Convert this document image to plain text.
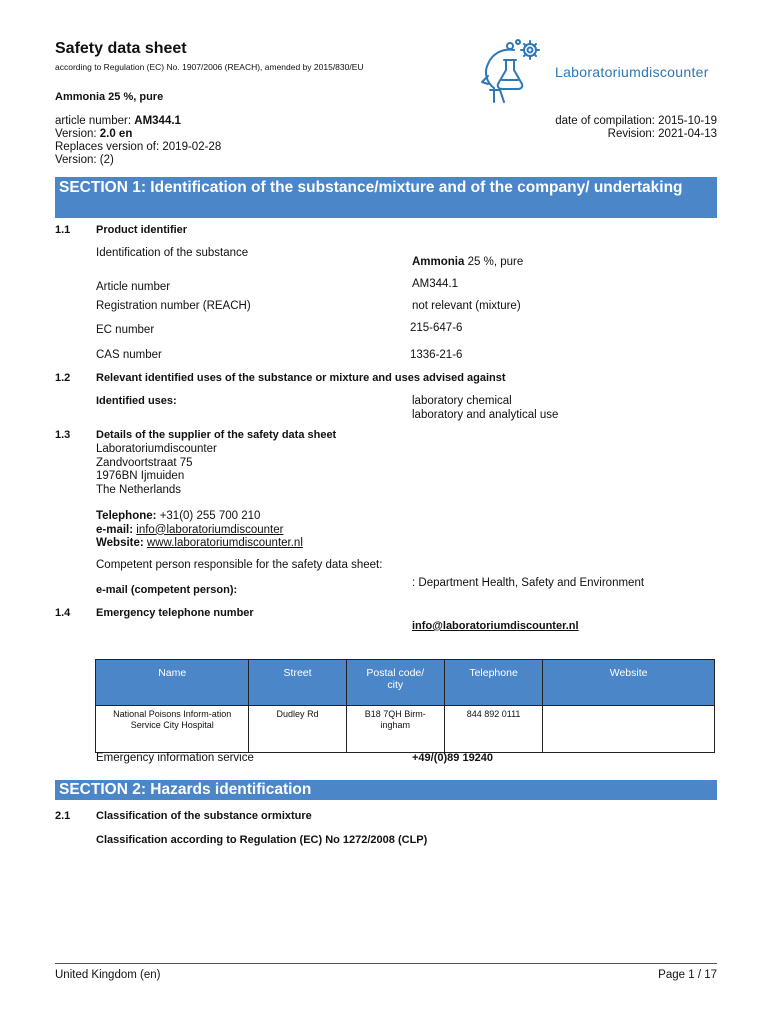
Safety data sheet
according to Regulation (EC) No. 1907/2006 (REACH), amended by 2015/830/EU	Laboratoriumdiscounter
Ammonia 25 %, pure
article number: AM344.1
Version: 2.0 en
Replaces version of: 2019-02-28
Version: (2)
date of compilation: 2015-10-19
Revision: 2021-04-13
SECTION 1: Identification of the substance/mixture and of the company/ undertaking
1.1 Product identifier
Identification of the substance
Ammonia 25 %, pure
Article number	AM344.1
Registration number (REACH)	not relevant (mixture)
EC number	215-647-6
CAS number	1336-21-6
1.2 Relevant identified uses of the substance or mixture and uses advised against
Identified uses:	laboratory chemical
laboratory and analytical use
1.3 Details of the supplier of the safety data sheet
Laboratoriumdiscounter
Zandvoortstraat 75
1976BN Ijmuiden
The Netherlands
Telephone: +31(0) 255 700 210
e-mail: info@laboratoriumdiscounter
Website: www.laboratoriumdiscounter.nl
Competent person responsible for the safety data sheet:
e-mail (competent person):
: Department Health, Safety and Environment
1.4 Emergency telephone number
info@laboratoriumdiscounter.nl
Name	Street	Postal code/ city	Telephone	Website

National Poisons Inform-ation Service City Hospital	Dudley Rd	B18 7QH Birm-ingham	844 892 0111	
Emergency information service	+49/(0)89 19240
SECTION 2: Hazards identification
2.1 Classification of the substance ormixture
Classification according to Regulation (EC) No 1272/2008 (CLP)
United Kingdom (en)	Page 1 / 17
